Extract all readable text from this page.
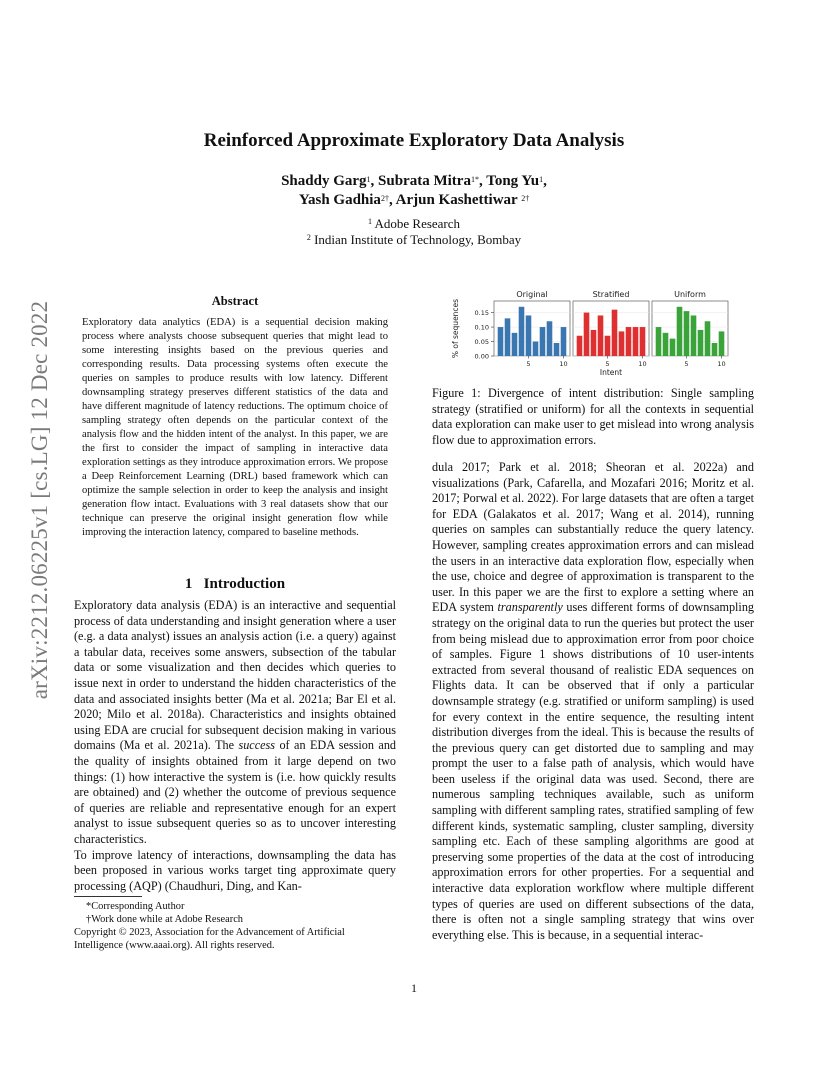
arXiv:2212.06225v1 [cs.LG] 12 Dec 2022
Reinforced Approximate Exploratory Data Analysis
Shaddy Garg$^1$, Subrata Mitra$^{1*}$, Tong Yu$^1$,
Yash Gadhia$^{2\dagger}$, Arjun Kashettiwar $^{2\dagger}$
$^1$ Adobe Research
$^2$ Indian Institute of Technology, Bombay
Abstract
Exploratory data analytics (EDA) is a sequential decision making process where analysts choose subsequent queries that might lead to some interesting insights based on the previous queries and corresponding results. Data processing systems often execute the queries on samples to produce results with low latency. Different downsampling strategy preserves different statistics of the data and have different magnitude of latency reductions. The optimum choice of sampling strategy often depends on the particular context of the analysis flow and the hidden intent of the analyst. In this paper, we are the first to consider the impact of sampling in interactive data exploration settings as they introduce approximation errors. We propose a Deep Reinforcement Learning (DRL) based framework which can optimize the sample selection in order to keep the analysis and insight generation flow intact. Evaluations with 3 real datasets show that our technique can preserve the original insight generation flow while improving the interaction latency, compared to baseline methods.
1 Introduction

Exploratory data analysis (EDA) is an interactive and sequential process of data understanding and insight generation where a user (e.g. a data analyst) issues an analysis action (i.e. a query) against a tabular data, receives some answers, subsection of the tabular data or some visualization and then decides which queries to issue next in order to understand the hidden characteristics of the data and associated insights better (Ma et al. 2021a; Bar El et al. 2020; Milo et al. 2018a). Characteristics and insights obtained using EDA are crucial for subsequent decision making in various domains (Ma et al. 2021a). The success of an EDA session and the quality of insights obtained from it large depend on two things: (1) how interactive the system is (i.e. how quickly results are obtained) and (2) whether the outcome of previous sequence of queries are reliable and representative enough for an expert analyst to issue subsequent queries so as to uncover interesting characteristics.

To improve latency of interactions, downsampling the data has been proposed in various works target ting approximate query processing (AQP) (Chaudhuri, Ding, and Kan-

*Corresponding Author
†Work done while at Adobe Research
Copyright © 2023, Association for the Advancement of Artificial Intelligence (www.aaai.org). All rights reserved.
% of sequences 0.00
0.05
0.10
0.15
Original
5	10
Stratified
5	10
Uniform
5	10
Intent
Figure 1: Divergence of intent distribution: Single sampling strategy (stratified or uniform) for all the contexts in sequential data exploration can make user to get mislead into wrong analysis flow due to approximation errors.
dula 2017; Park et al. 2018; Sheoran et al. 2022a) and visualizations (Park, Cafarella, and Mozafari 2016; Moritz et al. 2017; Porwal et al. 2022). For large datasets that are often a target for EDA (Galakatos et al. 2017; Wang et al. 2014), running queries on samples can substantially reduce the query latency. However, sampling creates approximation errors and can mislead the users in an interactive data exploration flow, especially when the use, choice and degree of approximation is transparent to the user. In this paper we are the first to explore a setting where an EDA system transparently uses different forms of downsampling strategy on the original data to run the queries but protect the user from being mislead due to approximation error from poor choice of samples. Figure 1 shows distributions of 10 user-intents extracted from several thousand of realistic EDA sequences on Flights data. It can be observed that if only a particular downsample strategy (e.g. stratified or uniform sampling) is used for every context in the entire sequence, the resulting intent distribution diverges from the ideal. This is because the results of the previous query can get distorted due to sampling and may prompt the user to a false path of analysis, which would have been useless if the original data was used. Second, there are numerous sampling techniques available, such as uniform sampling with different sampling rates, stratified sampling of few different kinds, systematic sampling, cluster sampling, diversity sampling etc. Each of these sampling algorithms are good at preserving some properties of the data at the cost of introducing approximation errors for other properties. For a sequential and interactive data exploration workflow where multiple different types of queries are used on different subsections of the data, there is often not a single sampling strategy that wins over everything else. This is because, in a sequential interac-
1
